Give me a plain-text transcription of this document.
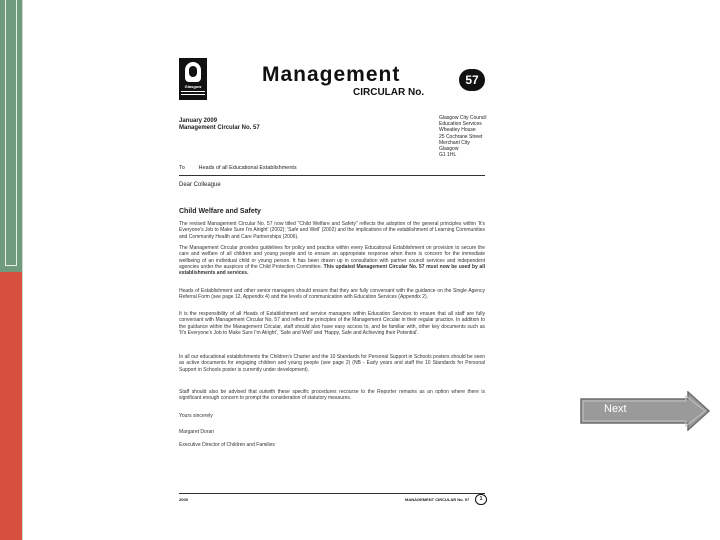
Glasgow
Management
CIRCULAR No.
57
January 2009
Management Circular No. 57
Glasgow City Council
Education Services
Wheatley House
25 Cochrane Street
Merchant City
Glasgow
G1 1HL
To Heads of all Educational Establishments
Dear Colleague
Child Welfare and Safety
The revised Management Circular No. 57 now titled "Child Welfare and Safety" reflects the adoption of the general principles within 'It's Everyone's Job to Make Sure I'm Alright' (2002); 'Safe and Well' (2002) and the implications of the establishment of Learning Communities and Community Health and Care Partnerships (2006).
The Management Circular provides guidelines for policy and practice within every Educational Establishment on provision to secure the care and welfare of all children and young people and to ensure an appropriate response when there is concern for the immediate wellbeing of an individual child or young person. It has been drawn up in consultation with partner council services and independent agencies under the auspices of the Child Protection Committee. This updated Management Circular No. 57 must now be used by all establishments and services.
Heads of Establishment and other senior managers should ensure that they are fully conversant with the guidance on the Single Agency Referral Form (see page 12, Appendix 4) and the levels of communication with Education Services (Appendix 2).
It is the responsibility of all Heads of Establishment and service managers within Education Services to ensure that all staff are fully conversant with Management Circular No. 57 and reflect the principles of the Management Circular in their regular practice. In addition to the guidance within the Management Circular, staff should also have easy access to, and be familiar with, other key documents such as 'It's Everyone's Job to Make Sure I'm Alright', 'Safe and Well' and 'Happy, Safe and Achieving their Potential'.
In all our educational establishments the Children's Charter and the 10 Standards for Personal Support in Schools posters should be seen as active documents for engaging children and young people (see page 2) (NB - Early years and staff the 10 Standards for Personal Support in Schools poster is currently under development).
Staff should also be advised that outwith these specific procedures recourse to the Reporter remains as an option where there is significant enough concern to prompt the consideration of statutory measures.
Yours sincerely
Margaret Doran
Executive Director of Children and Families
2009	MANAGEMENT CIRCULAR No. 57	1
Next
